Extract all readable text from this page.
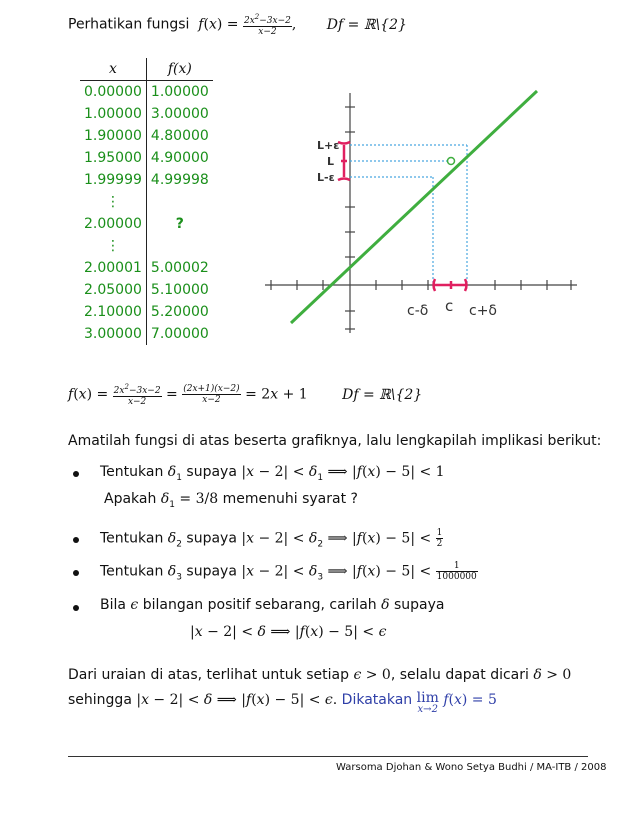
Perhatikan fungsi  $f(x) = \frac{2x^2-3x-2}{x-2}$ , Df = ℝ\{2}
x	f(x)
0.00000	1.00000
1.00000	3.00000
1.90000	4.80000
1.95000	4.90000
1.99999	4.99998
⋮	
2.00000	?
⋮	
2.00001	5.00002
2.05000	5.10000
2.10000	5.20000
3.00000	7.00000
L+ε
L
L-ε
c-δ c c+δ
$f(x) = \frac{2x^2-3x-2}{x-2} = \frac{(2x+1)(x-2)}{x-2} = 2x + 1$ Df = ℝ\{2}
Amatilah fungsi di atas beserta grafiknya, lalu lengkapilah implikasi berikut:
Tentukan $\delta_1$ supaya $|x - 2| < \delta_1$ ⟹ |f(x) − 5| < 1
Apakah $\delta_1 = 3/8$ memenuhi syarat ?
Tentukan $\delta_2$ supaya $|x - 2| < \delta_2$ ⟹ $|f(x) - 5| < \frac{1}{2}$
Tentukan $\delta_3$ supaya $|x - 2| < \delta_3$ ⟹ $|f(x) - 5| < \frac{1}{1000000}$
Bila ϵ bilangan positif sebarang, carilah δ supaya
|x − 2| < δ ⟹ |f(x) − 5| < ϵ
Dari uraian di atas, terlihat untuk setiap ϵ > 0, selalu dapat dicari δ > 0
sehingga |x − 2| < δ ⟹ |f(x) − 5| < ϵ. Dikatakan lim
x→2
f(x) = 5
Warsoma Djohan & Wono Setya Budhi / MA-ITB / 2008
